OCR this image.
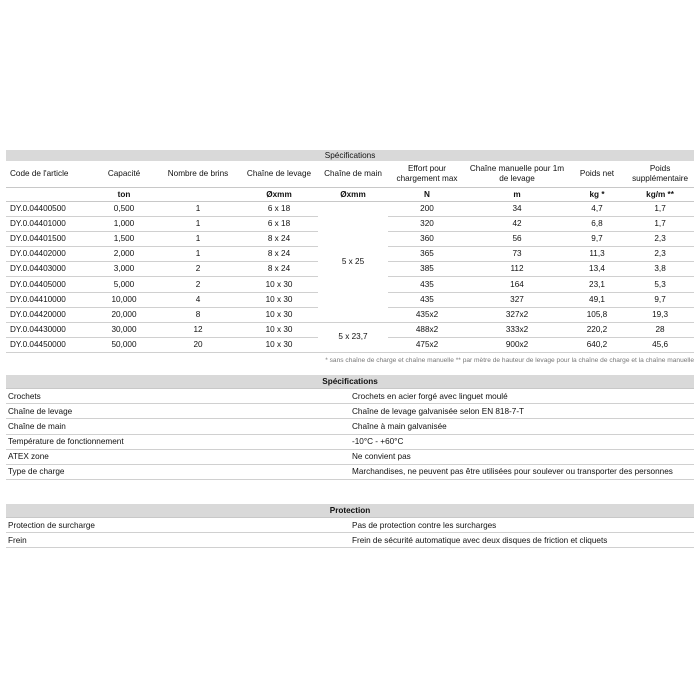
Spécifications								
Code de l'article	Capacité	Nombre de brins	Chaîne de levage	Chaîne de main	Effort pour chargement max	Chaîne manuelle pour 1m de levage	Poids net	Poids supplémentaire
	ton		Øxmm	Øxmm	N	m	kg *	kg/m **
DY.0.04400500	0,500	1	6 x 18	5 x 25	200	34	4,7	1,7
DY.0.04401000	1,000	1	6 x 18		320	42	6,8	1,7
DY.0.04401500	1,500	1	8 x 24		360	56	9,7	2,3
DY.0.04402000	2,000	1	8 x 24		365	73	11,3	2,3
DY.0.04403000	3,000	2	8 x 24		385	112	13,4	3,8
DY.0.04405000	5,000	2	10 x 30		435	164	23,1	5,3
DY.0.04410000	10,000	4	10 x 30		435	327	49,1	9,7
DY.0.04420000	20,000	8	10 x 30		435x2	327x2	105,8	19,3
DY.0.04430000	30,000	12	10 x 30	5 x 23,7	488x2	333x2	220,2	28
DY.0.04450000	50,000	20	10 x 30		475x2	900x2	640,2	45,6
* sans chaîne de charge et chaîne manuelle ** par mètre de hauteur de levage pour la chaîne de charge et la chaîne manuelle
Spécifications	
Crochets	Crochets en acier forgé avec linguet moulé
Chaîne de levage	Chaîne de levage galvanisée selon EN 818-7-T
Chaîne de main	Chaîne à main galvanisée
Température de fonctionnement	-10°C - +60°C
ATEX zone	Ne convient pas
Type de charge	Marchandises, ne peuvent pas être utilisées pour soulever ou transporter des personnes
Protection	
Protection de surcharge	Pas de protection contre les surcharges
Frein	Frein de sécurité automatique avec deux disques de friction et cliquets
